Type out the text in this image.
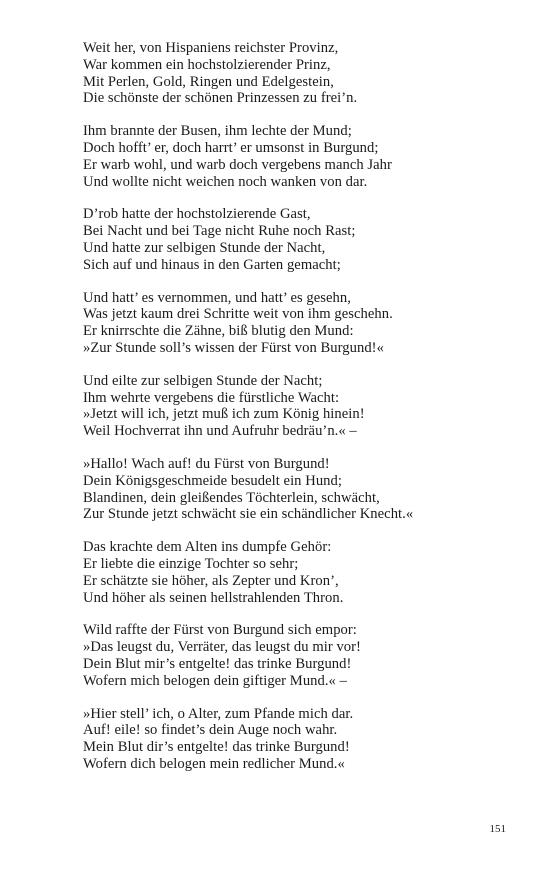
Weit her, von Hispaniens reichster Provinz,
War kommen ein hochstolzierender Prinz,
Mit Perlen, Gold, Ringen und Edelgestein,
Die schönste der schönen Prinzessen zu frei’n.
Ihm brannte der Busen, ihm lechte der Mund;
Doch hofft’ er, doch harrt’ er umsonst in Burgund;
Er warb wohl, und warb doch vergebens manch Jahr
Und wollte nicht weichen noch wanken von dar.
D’rob hatte der hochstolzierende Gast,
Bei Nacht und bei Tage nicht Ruhe noch Rast;
Und hatte zur selbigen Stunde der Nacht,
Sich auf und hinaus in den Garten gemacht;
Und hatt’ es vernommen, und hatt’ es gesehn,
Was jetzt kaum drei Schritte weit von ihm geschehn.
Er knirrschte die Zähne, biß blutig den Mund:
»Zur Stunde soll’s wissen der Fürst von Burgund!«
Und eilte zur selbigen Stunde der Nacht;
Ihm wehrte vergebens die fürstliche Wacht:
»Jetzt will ich, jetzt muß ich zum König hinein!
Weil Hochverrat ihn und Aufruhr bedräu’n.« –
»Hallo! Wach auf! du Fürst von Burgund!
Dein Königsgeschmeide besudelt ein Hund;
Blandinen, dein gleißendes Töchterlein, schwächt,
Zur Stunde jetzt schwächt sie ein schändlicher Knecht.«
Das krachte dem Alten ins dumpfe Gehör:
Er liebte die einzige Tochter so sehr;
Er schätzte sie höher, als Zepter und Kron’,
Und höher als seinen hellstrahlenden Thron.
Wild raffte der Fürst von Burgund sich empor:
»Das leugst du, Verräter, das leugst du mir vor!
Dein Blut mir’s entgelte! das trinke Burgund!
Wofern mich belogen dein giftiger Mund.« –
»Hier stell’ ich, o Alter, zum Pfande mich dar.
Auf! eile! so findet’s dein Auge noch wahr.
Mein Blut dir’s entgelte! das trinke Burgund!
Wofern dich belogen mein redlicher Mund.«
151
